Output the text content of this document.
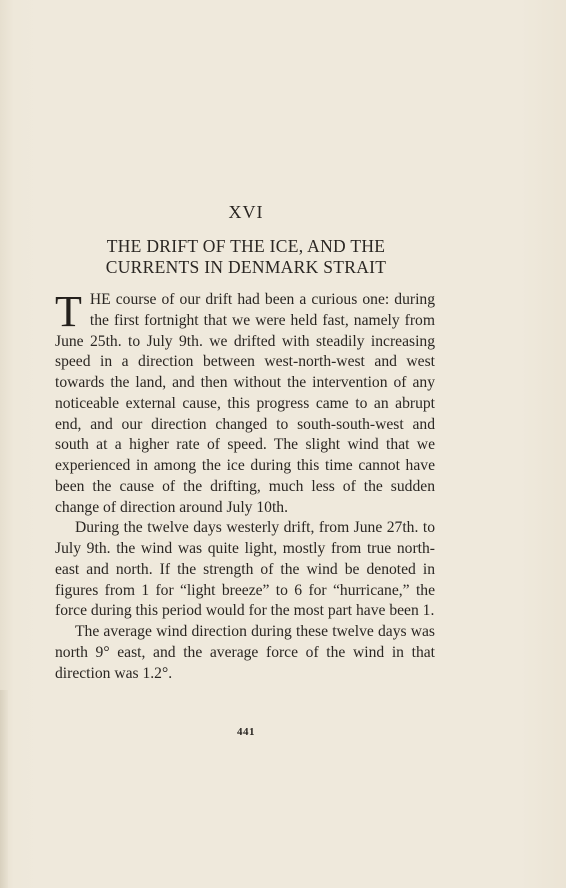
XVI
THE DRIFT OF THE ICE, AND THE CURRENTS IN DENMARK STRAIT

THE course of our drift had been a curious one: during the first fortnight that we were held fast, namely from June 25th. to July 9th. we drifted with steadily increasing speed in a direction between west-north-west and west towards the land, and then without the intervention of any noticeable external cause, this progress came to an abrupt end, and our direction changed to south-south-west and south at a higher rate of speed. The slight wind that we experienced in among the ice during this time cannot have been the cause of the drifting, much less of the sudden change of direction around July 10th.

During the twelve days westerly drift, from June 27th. to July 9th. the wind was quite light, mostly from true north-east and north. If the strength of the wind be denoted in figures from 1 for “light breeze” to 6 for “hurricane,” the force during this period would for the most part have been 1.

The average wind direction during these twelve days was north 9° east, and the average force of the wind in that direction was 1.2°.

441
